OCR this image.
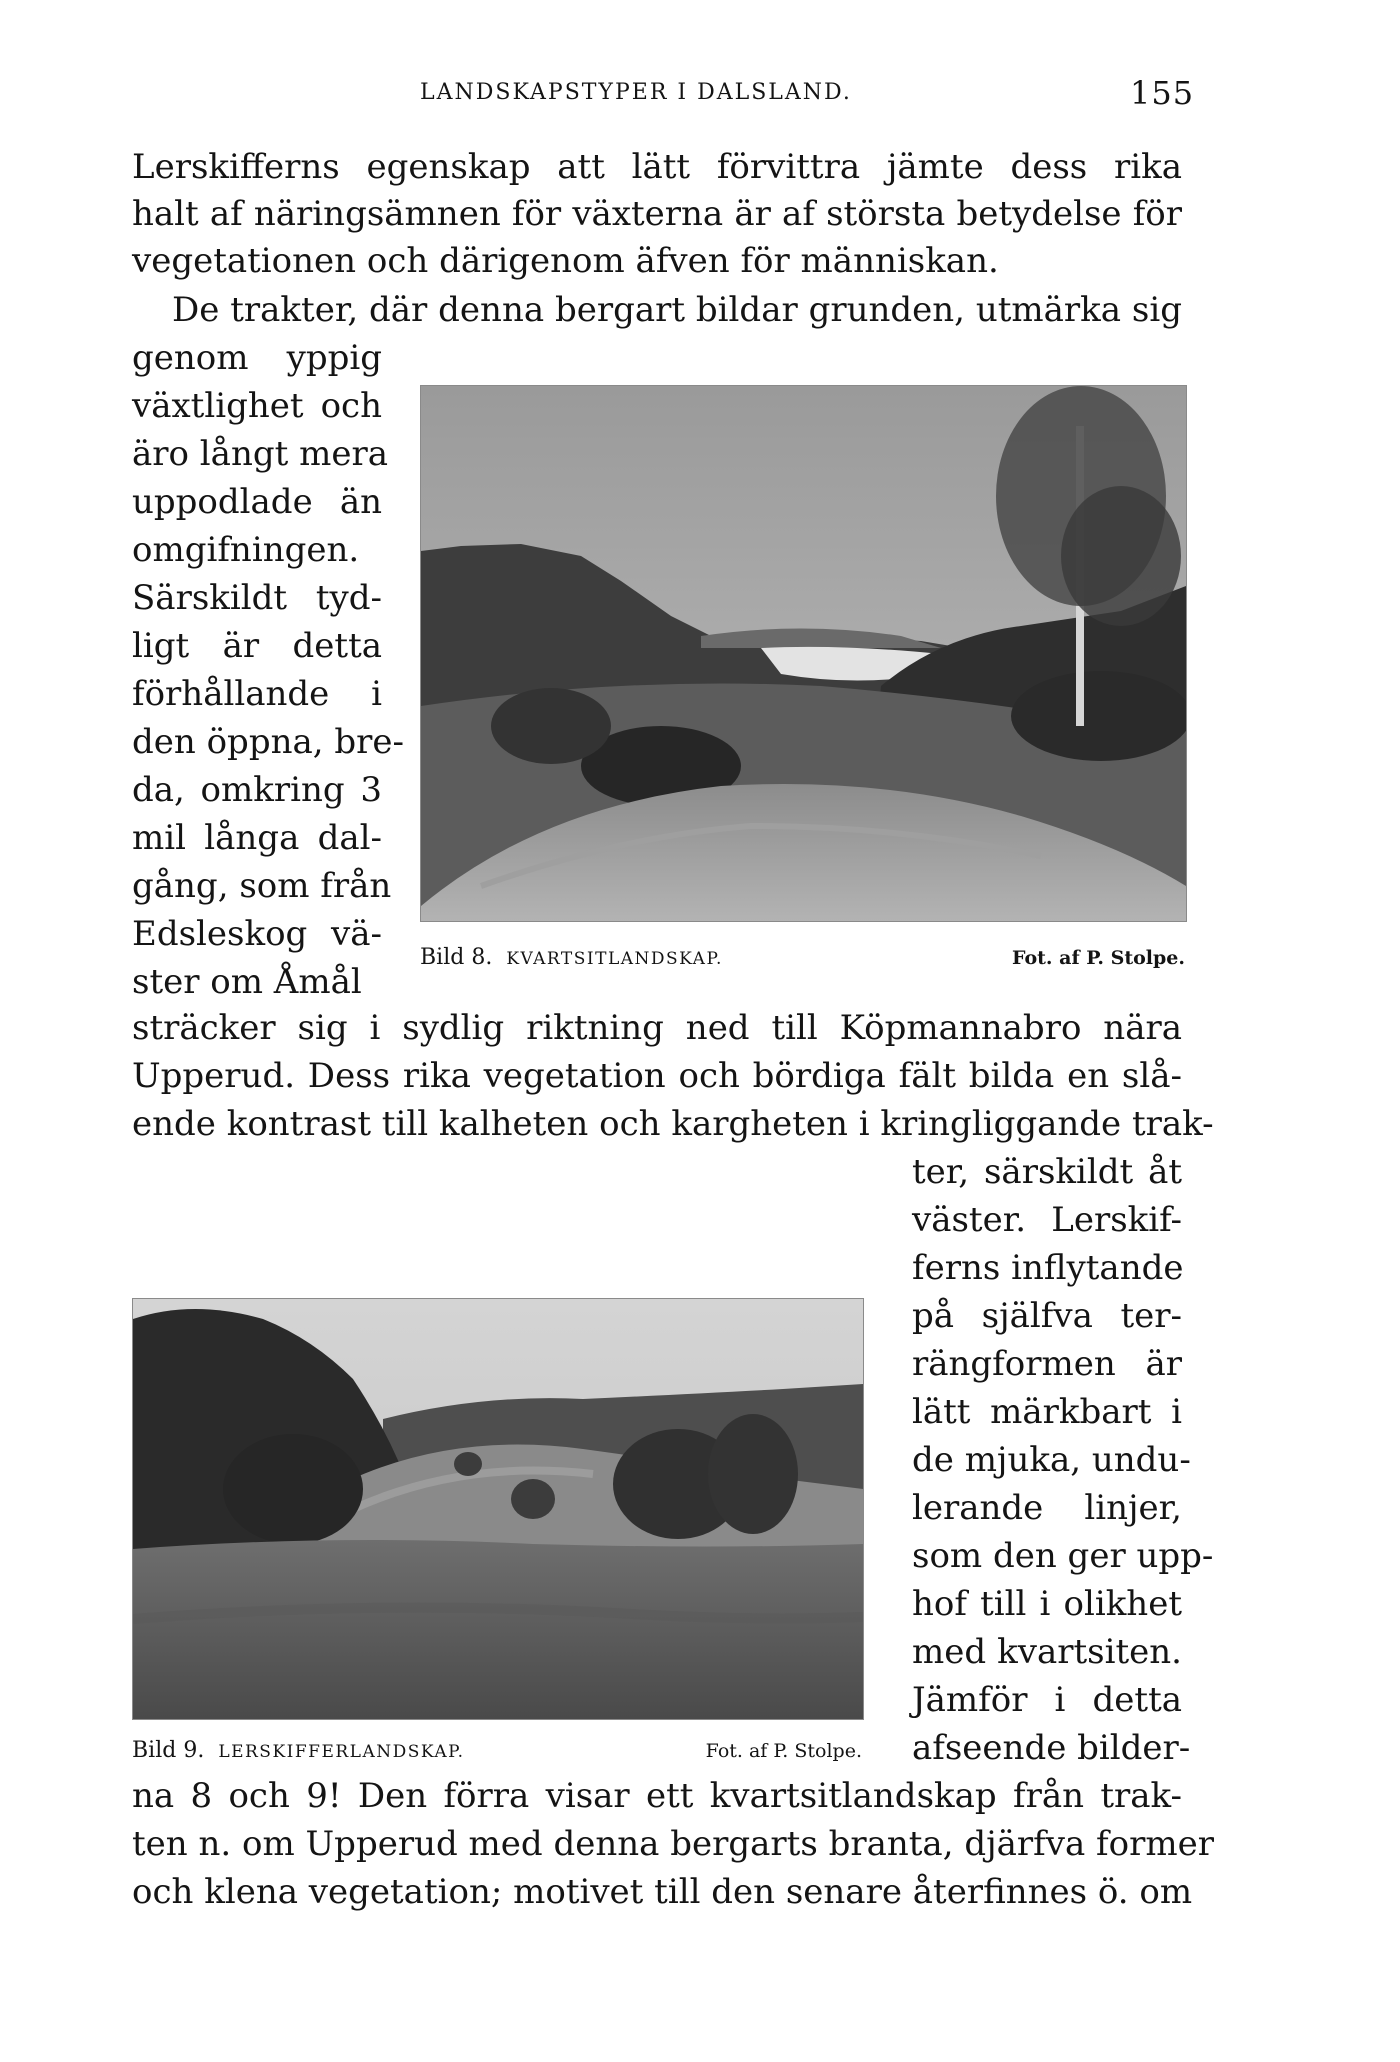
LANDSKAPSTYPER I DALSLAND.	155
Lerskifferns egenskap att lätt förvittra jämte dess rika
halt af näringsämnen för växterna är af största betydelse för
vegetationen och därigenom äfven för människan.
De trakter, där denna bergart bildar grunden, utmärka sig
genom yppig
växtlighet och
äro långt mera
uppodlade än
omgifningen.
Särskildt tyd-
ligt är detta
förhållande i
den öppna, bre-
da, omkring 3
mil långa dal-
gång, som från
Edsleskog vä-
ster om Åmål
Bild 8. KVARTSITLANDSKAP.	Fot. af P. Stolpe.
sträcker sig i sydlig riktning ned till Köpmannabro nära
Upperud. Dess rika vegetation och bördiga fält bilda en slå-
ende kontrast till kalheten och kargheten i kringliggande trak-
ter, särskildt åt
väster. Lerskif-
ferns inflytande
på själfva ter-
rängformen är
lätt märkbart i
de mjuka, undu-
lerande linjer,
som den ger upp-
hof till i olikhet
med kvartsiten.
Jämför i detta
afseende bilder-
Bild 9. LERSKIFFERLANDSKAP.	Fot. af P. Stolpe.
na 8 och 9! Den förra visar ett kvartsitlandskap från trak-
ten n. om Upperud med denna bergarts branta, djärfva former
och klena vegetation; motivet till den senare återfinnes ö. om
